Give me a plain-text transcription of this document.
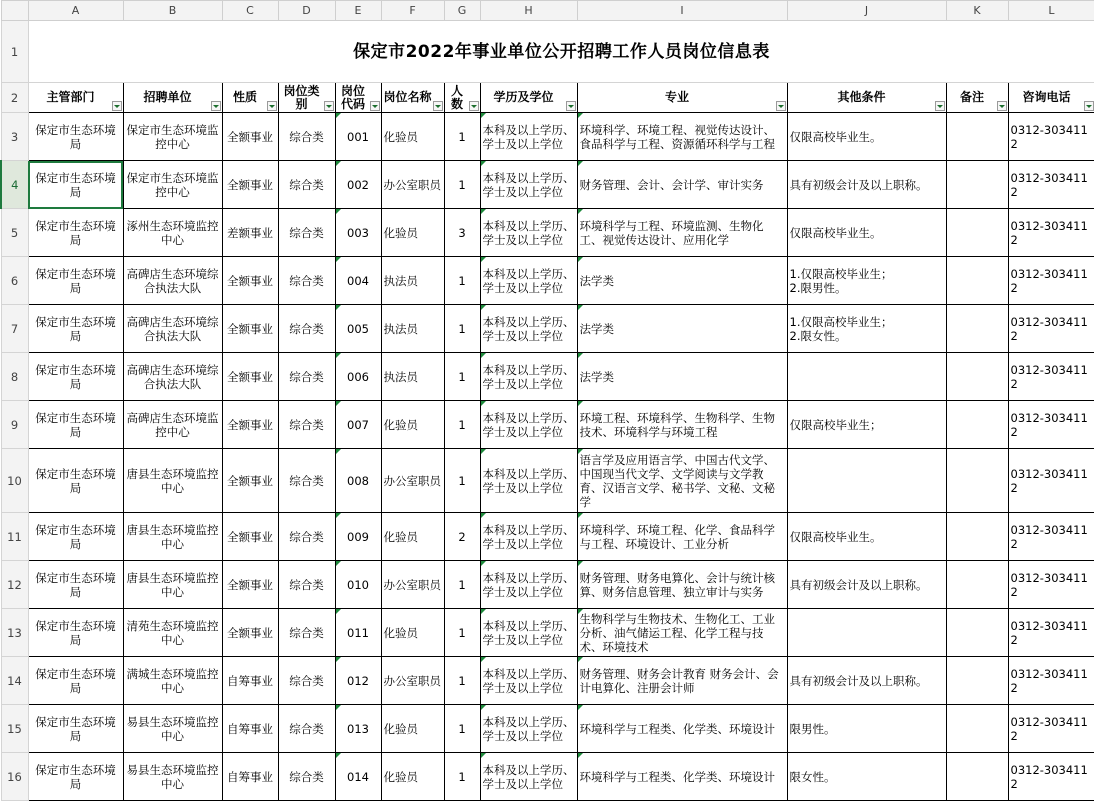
	A	B	C	D	E	F	G	H	I	J	K	L
1	保定市2022年事业单位公开招聘工作人员岗位信息表											
2	主管部门	招聘单位	性质	岗位类别	岗位代码	岗位名称	人数	学历及学位	专业	其他条件	备注	咨询电话

3	保定市生态环境局	保定市生态环境监控中心	全额事业	综合类	001	化验员	1	本科及以上学历、学士及以上学位	环境科学、环境工程、视觉传达设计、食品科学与工程、资源循环科学与工程	仅限高校毕业生。		0312-3034112
4	保定市生态环境局	保定市生态环境监控中心	全额事业	综合类	002	办公室职员	1	本科及以上学历、学士及以上学位	财务管理、会计、会计学、审计实务	具有初级会计及以上职称。		0312-3034112
5	保定市生态环境局	涿州生态环境监控中心	差额事业	综合类	003	化验员	3	本科及以上学历、学士及以上学位	环境科学与工程、环境监测、生物化工、视觉传达设计、应用化学	仅限高校毕业生。		0312-3034112
6	保定市生态环境局	高碑店生态环境综合执法大队	全额事业	综合类	004	执法员	1	本科及以上学历、学士及以上学位	法学类	1.仅限高校毕业生；
2.限男性。		0312-3034112
7	保定市生态环境局	高碑店生态环境综合执法大队	全额事业	综合类	005	执法员	1	本科及以上学历、学士及以上学位	法学类	1.仅限高校毕业生；
2.限女性。		0312-3034112
8	保定市生态环境局	高碑店生态环境综合执法大队	全额事业	综合类	006	执法员	1	本科及以上学历、学士及以上学位	法学类			0312-3034112
9	保定市生态环境局	高碑店生态环境监控中心	全额事业	综合类	007	化验员	1	本科及以上学历、学士及以上学位	环境工程、环境科学、生物科学、生物技术、环境科学与环境工程	仅限高校毕业生；		0312-3034112
10	保定市生态环境局	唐县生态环境监控中心	全额事业	综合类	008	办公室职员	1	本科及以上学历、学士及以上学位	语言学及应用语言学、中国古代文学、中国现当代文学、文学阅读与文学教育、汉语言文学、秘书学、文秘、文秘学			0312-3034112
11	保定市生态环境局	唐县生态环境监控中心	全额事业	综合类	009	化验员	2	本科及以上学历、学士及以上学位	环境科学、环境工程、化学、食品科学与工程、环境设计、工业分析	仅限高校毕业生。		0312-3034112
12	保定市生态环境局	唐县生态环境监控中心	全额事业	综合类	010	办公室职员	1	本科及以上学历、学士及以上学位	财务管理、财务电算化、会计与统计核算、财务信息管理、独立审计与实务	具有初级会计及以上职称。		0312-3034112
13	保定市生态环境局	清苑生态环境监控中心	全额事业	综合类	011	化验员	1	本科及以上学历、学士及以上学位	生物科学与生物技术、生物化工、工业分析、油气储运工程、化学工程与技术、环境技术			0312-3034112
14	保定市生态环境局	满城生态环境监控中心	自筹事业	综合类	012	办公室职员	1	本科及以上学历、学士及以上学位	财务管理、财务会计教育 财务会计、会计电算化、注册会计师	具有初级会计及以上职称。		0312-3034112
15	保定市生态环境局	易县生态环境监控中心	自筹事业	综合类	013	化验员	1	本科及以上学历、学士及以上学位	环境科学与工程类、化学类、环境设计	限男性。		0312-3034112
16	保定市生态环境局	易县生态环境监控中心	自筹事业	综合类	014	化验员	1	本科及以上学历、学士及以上学位	环境科学与工程类、化学类、环境设计	限女性。		0312-3034112
